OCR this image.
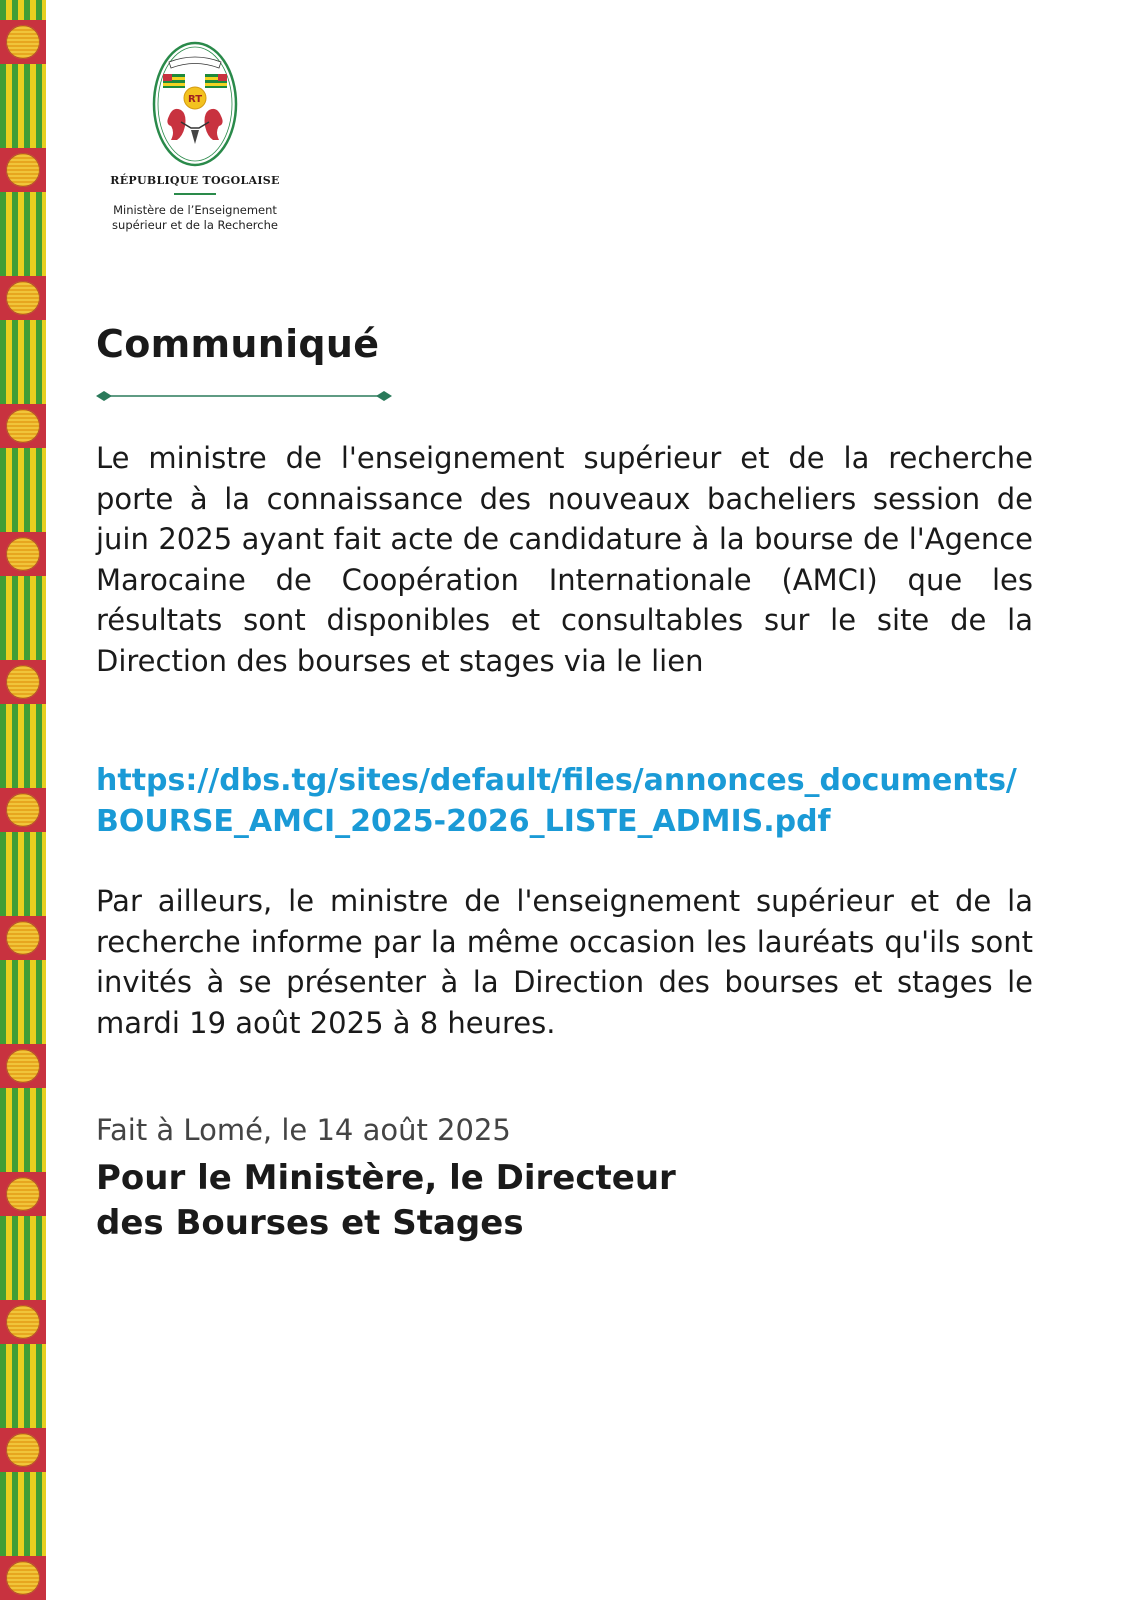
RT
RÉPUBLIQUE TOGOLAISE
Ministère de l’Enseignement
supérieur et de la Recherche
Communiqué

Le ministre de l'enseignement supérieur et de la recherche porte à la connaissance des nouveaux bacheliers session de juin 2025 ayant fait acte de candidature à la bourse de l'Agence Marocaine de Coopération Internationale (AMCI) que les résultats sont disponibles et consultables sur le site de la Direction des bourses et stages via le lien

https://dbs.tg/sites/default/files/annonces_documents/BOURSE_AMCI_2025-2026_LISTE_ADMIS.pdf

Par ailleurs, le ministre de l'enseignement supérieur et de la recherche informe par la même occasion les lauréats qu'ils sont invités à se présenter à la Direction des bourses et stages le mardi 19 août 2025 à 8 heures.

Fait à Lomé, le 14 août 2025
Pour le Ministère, le Directeur
des Bourses et Stages
